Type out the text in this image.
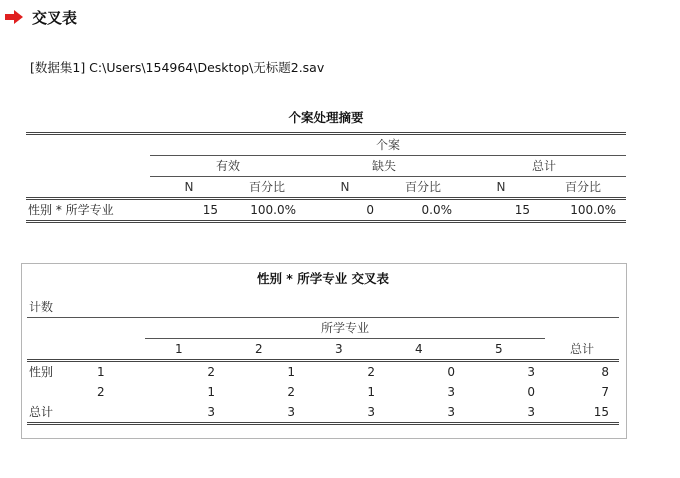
交叉表
[数据集1] C:\Users\154964\Desktop\无标题2.sav
个案处理摘要
	个案					
	有效		缺失		总计	
	N	百分比	N	百分比	N	百分比
性别 * 所学专业	15	100.0%	0	0.0%	15	100.0%
性别 * 所学专业 交叉表
计数							
		所学专业					
		1	2	3	4	5	总计
性别	1	2	1	2	0	3	8
	2	1	2	1	3	0	7
总计		3	3	3	3	3	15
